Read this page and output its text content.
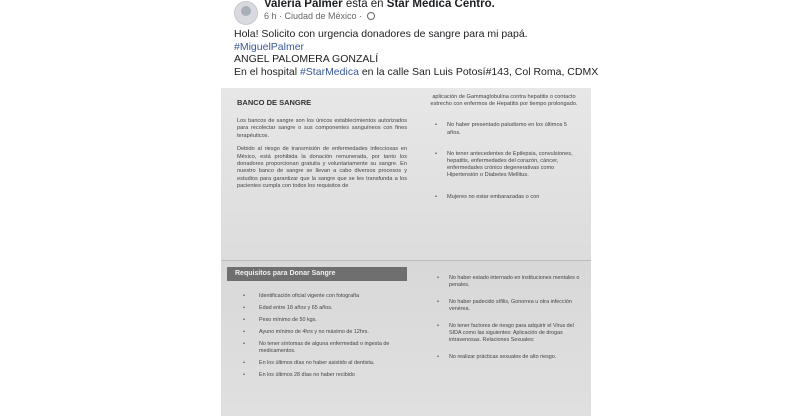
Valeria Palmer está en Star Médica Centro.
6 h · Ciudad de México ·
Hola! Solicito con urgencia donadores de sangre para mi papá.
#MiguelPalmer
ANGEL PALOMERA GONZALÍ
En el hospital #StarMedica en la calle San Luis Potosí#143, Col Roma, CDMX
BANCO DE SANGRE

Los bancos de sangre son los únicos establecimientos autorizados para recolectar sangre o sus componentes sanguíneos con fines terapéuticos.

Debido al riesgo de transmisión de enfermedades infecciosas en México, está prohibida la donación remunerada, por tanto los donadores proporcionan gratuita y voluntariamente su sangre. En nuestro banco de sangre se llevan a cabo diversos procesos y estudios para garantizar que la sangre que se les transfunda a los pacientes cumpla con todos los requisitos de

aplicación de Gammaglobulina contra hepatitis o contacto estrecho con enfermos de Hepatitis por tiempo prolongado.
• No haber presentado paludismo en los últimos 5 años.
• No tener antecedentes de Epilepsia, convulsiones, hepatitis, enfermedades del corazón, cáncer, enfermedades crónico degenerativas como Hipertensión o Diabetes Mellitus.
• Mujeres no estar embarazadas o con
Requisitos para Donar Sangre
• Identificación oficial vigente con fotografía
• Edad entre 18 años y 65 años.
• Peso mínimo de 50 kgs.
• Ayuno mínimo de 4hrs y no máximo de 12hrs.
• No tener síntomas de alguna enfermedad o ingesta de medicamentos.
• En los últimos días no haber asistido al dentista.
• En los últimos 28 días no haber recibido
• No haber estado internado en instituciones mentales o penales.
• No haber padecido sífilis, Gonorrea u otra infección venérea.
• No tener factores de riesgo para adquirir el Virus del SIDA como las siguientes: Aplicación de drogas intravenosas. Relaciones Sexuales:
• No realizar prácticas sexuales de alto riesgo.
